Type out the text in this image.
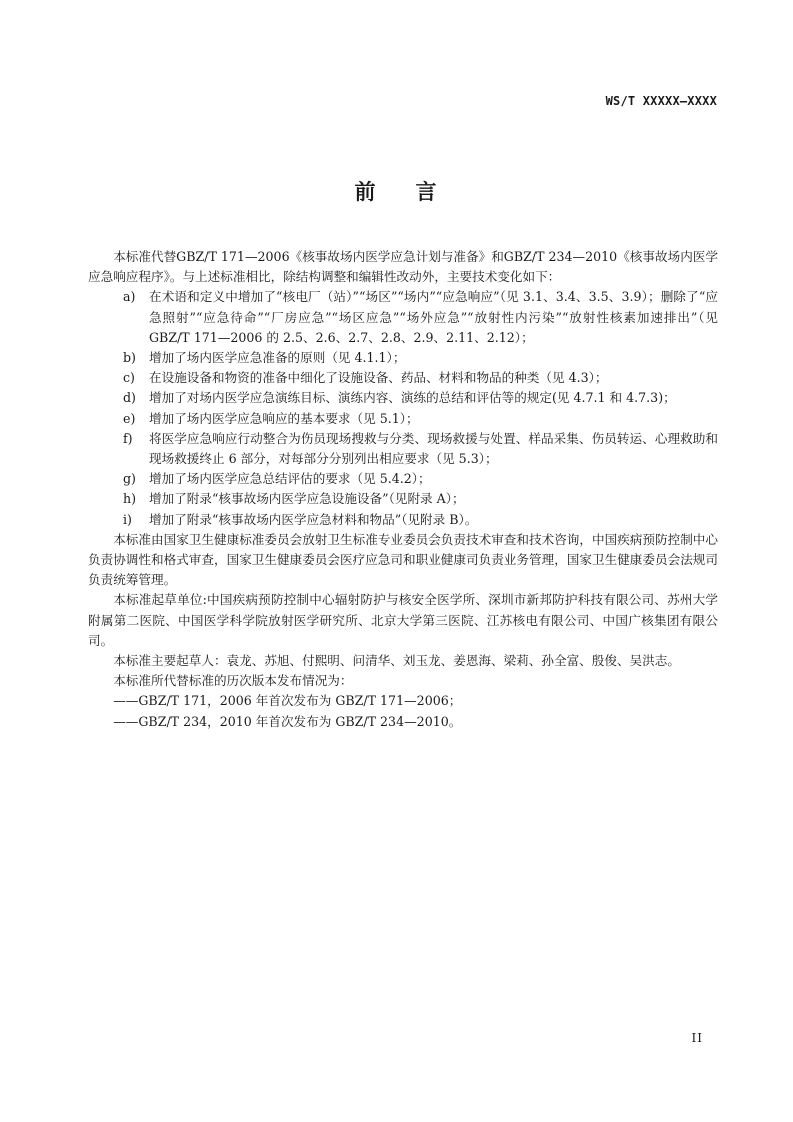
WS/T XXXXX—XXXX
前 言

本标准代替GBZ/T 171—2006《核事故场内医学应急计划与准备》和GBZ/T 234—2010《核事故场内医学应急响应程序》。与上述标准相比，除结构调整和编辑性改动外，主要技术变化如下：

a) 在术语和定义中增加了“核电厂（站）”“场区”“场内”“应急响应”（见 3.1、3.4、3.5、3.9）；删除了“应急照射”“应急待命”“厂房应急”“场区应急”“场外应急”“放射性内污染”“放射性核素加速排出”（见 GBZ/T 171—2006 的 2.5、2.6、2.7、2.8、2.9、2.11、2.12）；

b) 增加了场内医学应急准备的原则（见 4.1.1）；

c) 在设施设备和物资的准备中细化了设施设备、药品、材料和物品的种类（见 4.3）；

d) 增加了对场内医学应急演练目标、演练内容、演练的总结和评估等的规定(见 4.7.1 和 4.7.3)；

e) 增加了场内医学应急响应的基本要求（见 5.1）；

f) 将医学应急响应行动整合为伤员现场搜救与分类、现场救援与处置、样品采集、伤员转运、心理救助和现场救援终止 6 部分，对每部分分别列出相应要求（见 5.3）；

g) 增加了场内医学应急总结评估的要求（见 5.4.2）；

h) 增加了附录“核事故场内医学应急设施设备”（见附录 A）；

i) 增加了附录“核事故场内医学应急材料和物品”（见附录 B）。

本标准由国家卫生健康标准委员会放射卫生标准专业委员会负责技术审查和技术咨询，中国疾病预防控制中心负责协调性和格式审查，国家卫生健康委员会医疗应急司和职业健康司负责业务管理，国家卫生健康委员会法规司负责统筹管理。

本标准起草单位:中国疾病预防控制中心辐射防护与核安全医学所、深圳市新邦防护科技有限公司、苏州大学附属第二医院、中国医学科学院放射医学研究所、北京大学第三医院、江苏核电有限公司、中国广核集团有限公司。

本标准主要起草人：袁龙、苏旭、付熙明、问清华、刘玉龙、姜恩海、梁莉、孙全富、殷俊、吴洪志。

本标准所代替标准的历次版本发布情况为：

——GBZ/T 171，2006 年首次发布为 GBZ/T 171—2006；

——GBZ/T 234，2010 年首次发布为 GBZ/T 234—2010。

II
